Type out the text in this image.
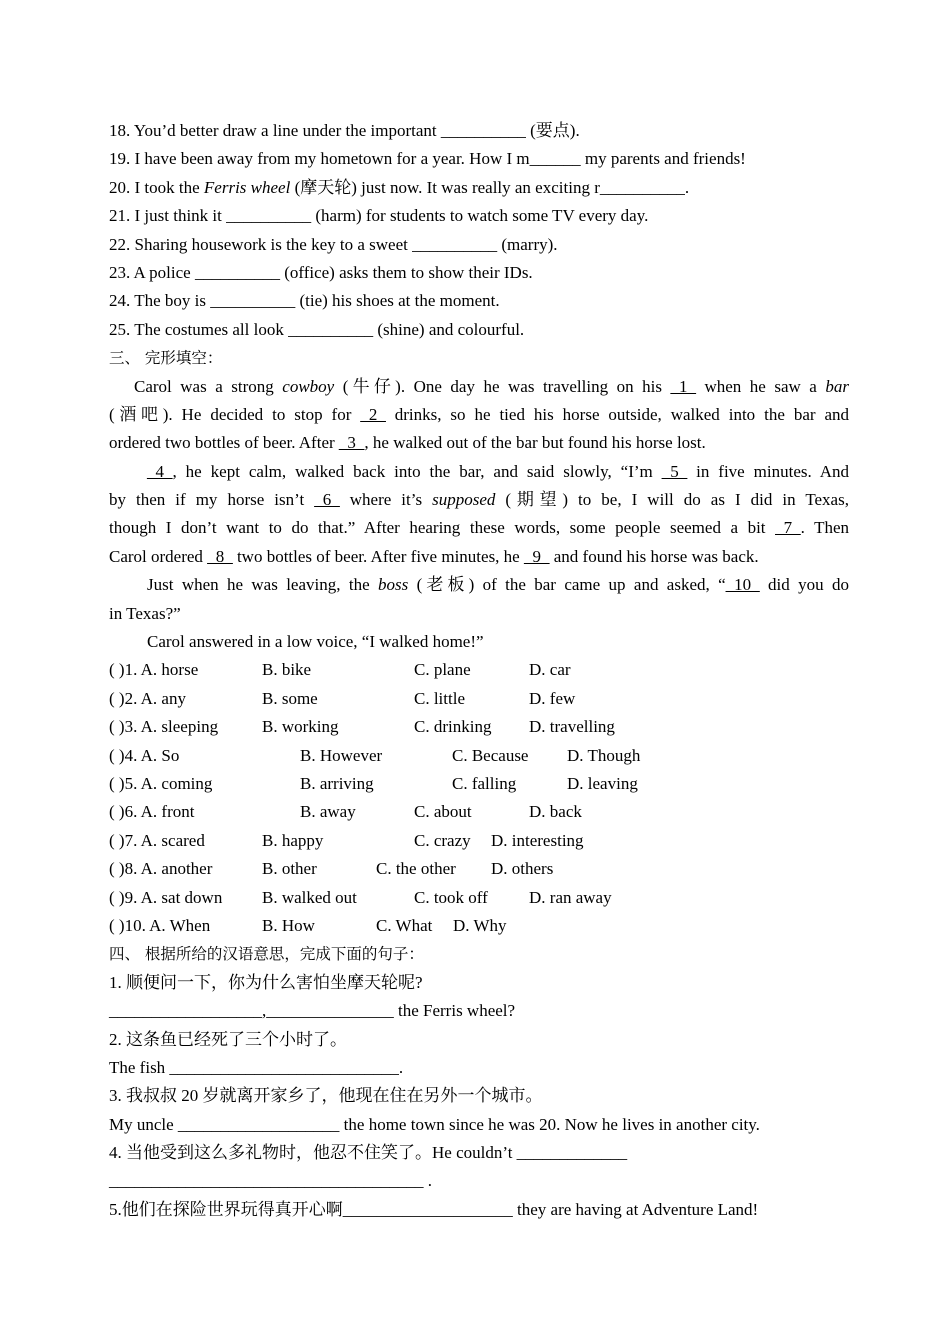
18. You’d better draw a line under the important __________ (要点).
19. I have been away from my hometown for a year. How I m______ my parents and friends!
20. I took the Ferris wheel (摩天轮) just now. It was really an exciting r__________.
21. I just think it __________ (harm) for students to watch some TV every day.
22. Sharing housework is the key to a sweet __________ (marry).
23. A police __________ (office) asks them to show their IDs.
24. The boy is __________ (tie) his shoes at the moment.
25. The costumes all look __________ (shine) and colourful.
三、 完形填空：
Carol was a strong cowboy (牛仔). One day he was travelling on his _1_ when he saw a bar
(酒吧). He decided to stop for _2_ drinks, so he tied his horse outside, walked into the bar and
ordered two bottles of beer. After _3_, he walked out of the bar but found his horse lost.
_4_, he kept calm, walked back into the bar, and said slowly, “I’m _5_ in five minutes. And
by then if my horse isn’t _6_ where it’s supposed (期望) to be, I will do as I did in Texas,
though I don’t want to do that.” After hearing these words, some people seemed a bit _7_. Then
Carol ordered _8_ two bottles of beer. After five minutes, he _9_ and found his horse was back.
Just when he was leaving, the boss (老板) of the bar came up and asked, “_10_ did you do
in Texas?”
Carol answered in a low voice, “I walked home!”
( )1. A. horse	B. bike	C. plane	D. car
( )2. A. any	B. some	C. little	D. few
( )3. A. sleeping	B. working	C. drinking D. travelling
( )4. A. So	B. However	C. Because D. Though
( )5. A. coming	B. arriving	C. falling	D. leaving
( )6. A. front	B. away	C. about	D. back
( )7. A. scared	B. happy	C. crazy D. interesting
( )8. A. another	B. other	C. the other D. others
( )9. A. sat down B. walked out	C. took off D. ran away
( )10. A. When	B. How	C. What D. Why
四、 根据所给的汉语意思，完成下面的句子：
1. 顺便问一下，你为什么害怕坐摩天轮呢?
__________________,_______________ the Ferris wheel?
2. 这条鱼已经死了三个小时了。
The fish ___________________________.
3. 我叔叔 20 岁就离开家乡了，他现在住在另外一个城市。
My uncle ___________________ the home town since he was 20. Now he lives in another city.
4. 当他受到这么多礼物时，他忍不住笑了。He couldn’t _____________
_____________________________________ .
5.他们在探险世界玩得真开心啊____________________ they are having at Adventure Land!
